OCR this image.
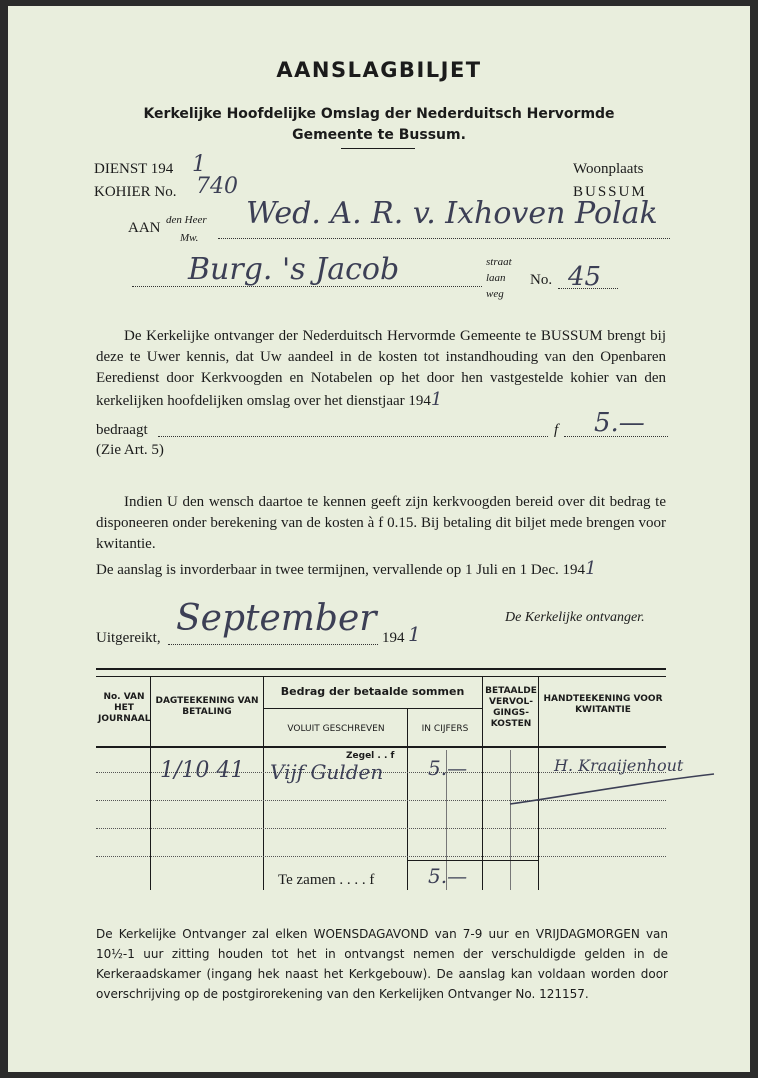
AANSLAGBILJET
Kerkelijke Hoofdelijke Omslag der Nederduitsch Hervormde
Gemeente te Bussum.
DIENST 194 1
KOHIER No. 740
Woonplaats
BUSSUM
AAN den Heer
Mw.
Wed. A. R. v. Ixhoven Polak
Burg. 's Jacob	straat
laan
weg
No. 45
De Kerkelijke ontvanger der Nederduitsch Hervormde Gemeente te BUSSUM brengt bij deze te Uwer kennis, dat Uw aandeel in de kosten tot instandhouding van den Openbaren Eeredienst door Kerkvoogden en Notabelen op het door hen vastgestelde kohier van den kerkelijken hoofdelijken omslag over het dienstjaar 1941
bedraagt	f 5.—
(Zie Art. 5)
Indien U den wensch daartoe te kennen geeft zijn kerkvoogden bereid over dit bedrag te disponeeren onder berekening van de kosten à f 0.15. Bij betaling dit biljet mede brengen voor kwitantie.
De aanslag is invorderbaar in twee termijnen, vervallende op 1 Juli en 1 Dec. 1941
De Kerkelijke ontvanger.
Uitgereikt, September 194 1
No. VAN HET JOURNAAL
DAGTEEKENING VAN BETALING
Bedrag der betaalde sommen
VOLUIT GESCHREVEN	IN CIJFERS
BETAALDE VERVOL- GINGS- KOSTEN
HANDTEEKENING VOOR KWITANTIE
Zegel . . f
1/10 41 Vijf Gulden 5.—	H. Kraaijenhout
Te zamen . . . . f	5.—
De Kerkelijke Ontvanger zal elken WOENSDAGAVOND van 7-9 uur en VRIJDAGMORGEN van 10½-1 uur zitting houden tot het in ontvangst nemen der verschuldigde gelden in de Kerkeraadskamer (ingang hek naast het Kerkgebouw). De aanslag kan voldaan worden door overschrijving op de postgirorekening van den Kerkelijken Ontvanger No. 121157.
